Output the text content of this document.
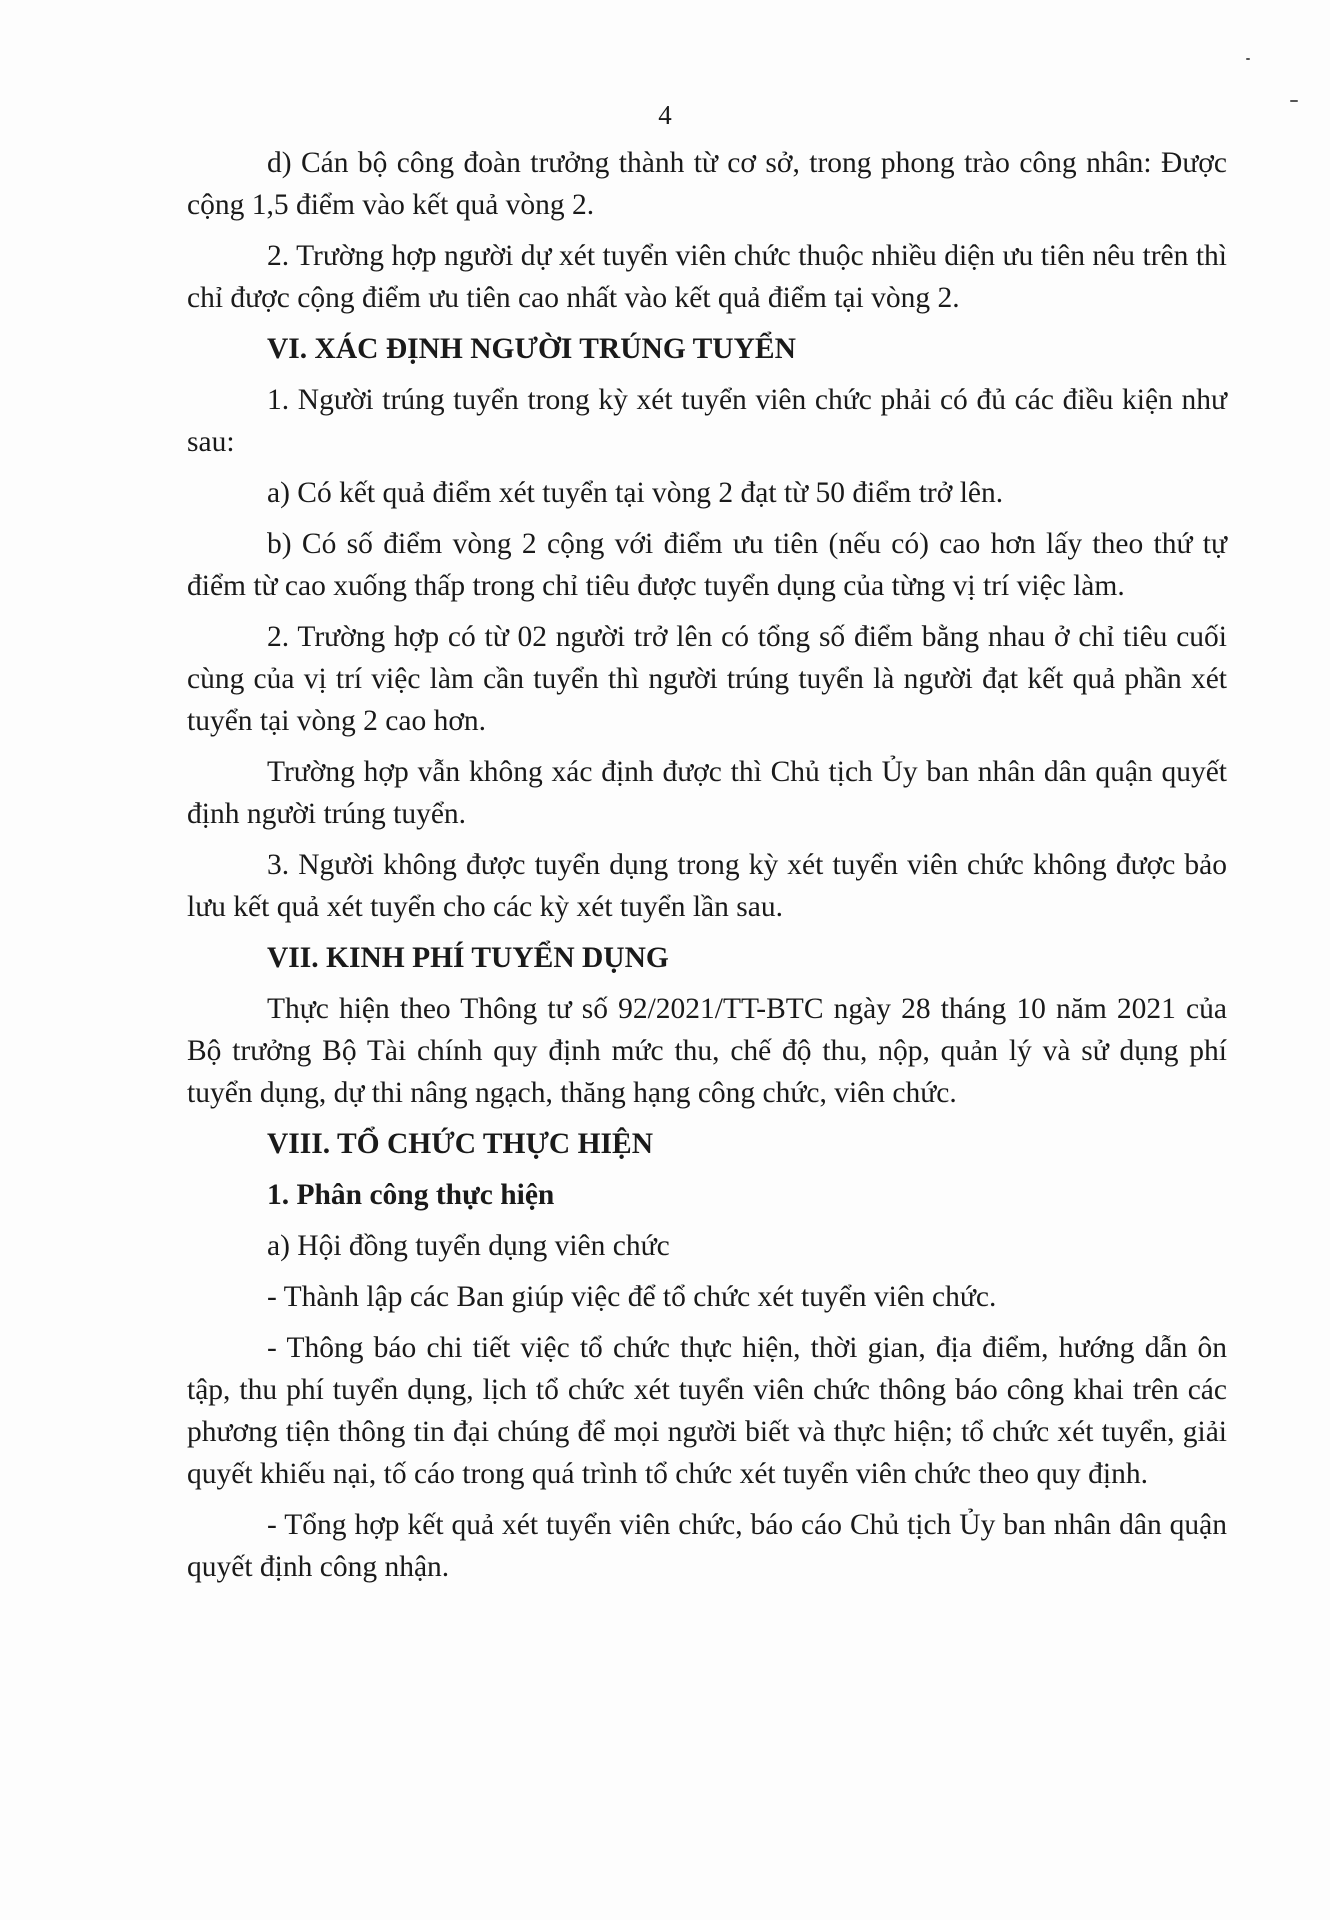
4

d) Cán bộ công đoàn trưởng thành từ cơ sở, trong phong trào công nhân: Được cộng 1,5 điểm vào kết quả vòng 2.

2. Trường hợp người dự xét tuyển viên chức thuộc nhiều diện ưu tiên nêu trên thì chỉ được cộng điểm ưu tiên cao nhất vào kết quả điểm tại vòng 2.

VI. XÁC ĐỊNH NGƯỜI TRÚNG TUYỂN

1. Người trúng tuyển trong kỳ xét tuyển viên chức phải có đủ các điều kiện như sau:

a) Có kết quả điểm xét tuyển tại vòng 2 đạt từ 50 điểm trở lên.

b) Có số điểm vòng 2 cộng với điểm ưu tiên (nếu có) cao hơn lấy theo thứ tự điểm từ cao xuống thấp trong chỉ tiêu được tuyển dụng của từng vị trí việc làm.

2. Trường hợp có từ 02 người trở lên có tổng số điểm bằng nhau ở chỉ tiêu cuối cùng của vị trí việc làm cần tuyển thì người trúng tuyển là người đạt kết quả phần xét tuyển tại vòng 2 cao hơn.

Trường hợp vẫn không xác định được thì Chủ tịch Ủy ban nhân dân quận quyết định người trúng tuyển.

3. Người không được tuyển dụng trong kỳ xét tuyển viên chức không được bảo lưu kết quả xét tuyển cho các kỳ xét tuyển lần sau.

VII. KINH PHÍ TUYỂN DỤNG

Thực hiện theo Thông tư số 92/2021/TT-BTC ngày 28 tháng 10 năm 2021 của Bộ trưởng Bộ Tài chính quy định mức thu, chế độ thu, nộp, quản lý và sử dụng phí tuyển dụng, dự thi nâng ngạch, thăng hạng công chức, viên chức.

VIII. TỔ CHỨC THỰC HIỆN

1. Phân công thực hiện

a) Hội đồng tuyển dụng viên chức

- Thành lập các Ban giúp việc để tổ chức xét tuyển viên chức.

- Thông báo chi tiết việc tổ chức thực hiện, thời gian, địa điểm, hướng dẫn ôn tập, thu phí tuyển dụng, lịch tổ chức xét tuyển viên chức thông báo công khai trên các phương tiện thông tin đại chúng để mọi người biết và thực hiện; tổ chức xét tuyển, giải quyết khiếu nại, tố cáo trong quá trình tổ chức xét tuyển viên chức theo quy định.

- Tổng hợp kết quả xét tuyển viên chức, báo cáo Chủ tịch Ủy ban nhân dân quận quyết định công nhận.
